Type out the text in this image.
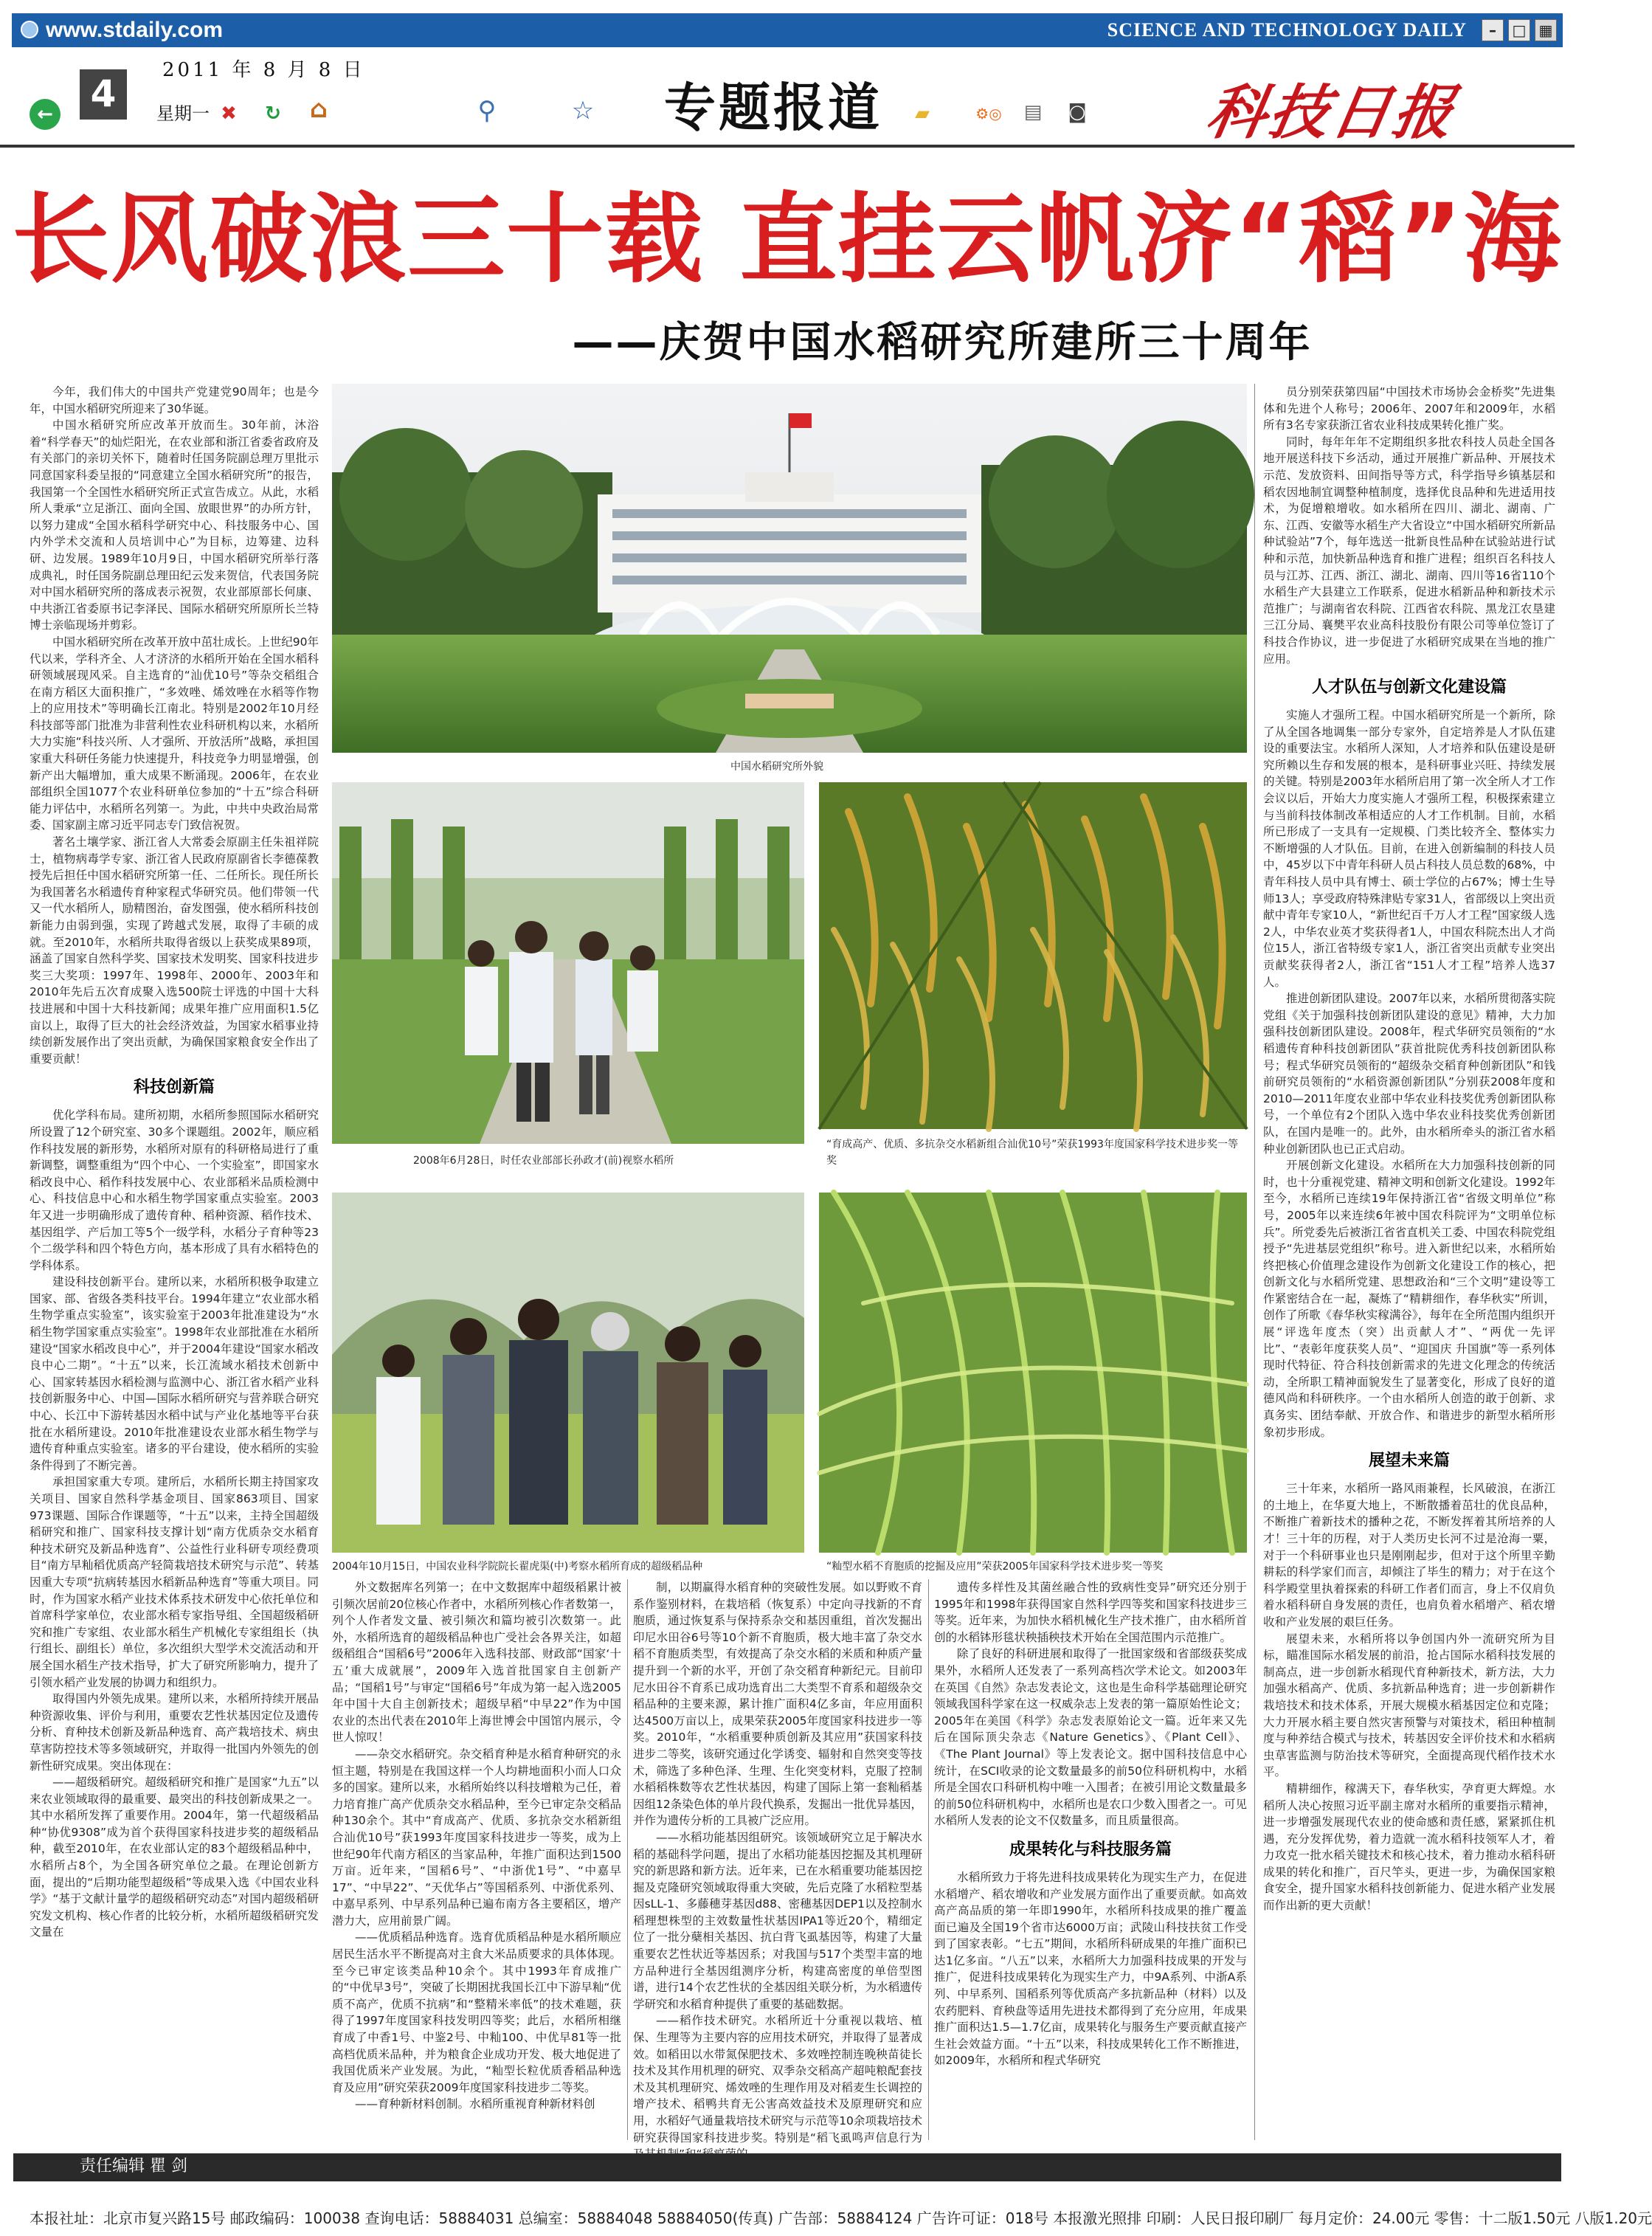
www.stdaily.com	SCIENCE AND TECHNOLOGY DAILY	–	□ ▦
2011 年 8 月 8 日
←	✖	↻ ⌂	⚲	☆	▰	⚙◎	▤ ◙
4	星期一	专题报道	科技日报
长风破浪三十载 直挂云帆济“稻”海
——庆贺中国水稻研究所建所三十周年

今年，我们伟大的中国共产党建党90周年；也是今年，中国水稻研究所迎来了30华诞。

中国水稻研究所应改革开放而生。30年前，沐浴着“科学春天”的灿烂阳光，在农业部和浙江省委省政府及有关部门的亲切关怀下，随着时任国务院副总理万里批示同意国家科委呈报的“同意建立全国水稻研究所”的报告，我国第一个全国性水稻研究所正式宣告成立。从此，水稻所人秉承“立足浙江、面向全国、放眼世界”的办所方针，以努力建成“全国水稻科学研究中心、科技服务中心、国内外学术交流和人员培训中心”为目标，边筹建、边科研、边发展。1989年10月9日，中国水稻研究所举行落成典礼，时任国务院副总理田纪云发来贺信，代表国务院对中国水稻研究所的落成表示祝贺，农业部原部长何康、中共浙江省委原书记李泽民、国际水稻研究所原所长兰特博士亲临现场并剪彩。

中国水稻研究所在改革开放中茁壮成长。上世纪90年代以来，学科齐全、人才济济的水稻所开始在全国水稻科研领域展现风采。自主选育的“汕优10号”等杂交稻组合在南方稻区大面积推广，“多效唑、烯效唑在水稻等作物上的应用技术”等明确长江南北。特别是2002年10月经科技部等部门批准为非营利性农业科研机构以来，水稻所大力实施“科技兴所、人才强所、开放活所”战略，承担国家重大科研任务能力快速提升，科技竞争力明显增强，创新产出大幅增加，重大成果不断涌现。2006年，在农业部组织全国1077个农业科研单位参加的“十五”综合科研能力评估中，水稻所名列第一。为此，中共中央政治局常委、国家副主席习近平同志专门致信祝贺。

著名土壤学家、浙江省人大常委会原副主任朱祖祥院士，植物病毒学专家、浙江省人民政府原副省长李德葆教授先后担任中国水稻研究所第一任、二任所长。现任所长为我国著名水稻遗传育种家程式华研究员。他们带领一代又一代水稻所人，励精图治，奋发图强，使水稻所科技创新能力由弱到强，实现了跨越式发展，取得了丰硕的成就。至2010年，水稻所共取得省级以上获奖成果89项，涵盖了国家自然科学奖、国家技术发明奖、国家科技进步奖三大奖项：1997年、1998年、2000年、2003年和2010年先后五次育成聚入选500院士评选的中国十大科技进展和中国十大科技新闻；成果年推广应用面积1.5亿亩以上，取得了巨大的社会经济效益，为国家水稻事业持续创新发展作出了突出贡献，为确保国家粮食安全作出了重要贡献！

科技创新篇

优化学科布局。建所初期，水稻所参照国际水稻研究所设置了12个研究室、30多个课题组。2002年，顺应稻作科技发展的新形势，水稻所对原有的科研格局进行了重新调整，调整重组为“四个中心、一个实验室”，即国家水稻改良中心、稻作科技发展中心、农业部稻米品质检测中心、科技信息中心和水稻生物学国家重点实验室。2003年又进一步明确形成了遗传育种、稻种资源、稻作技术、基因组学、产后加工等5个一级学科，水稻分子育种等23个二级学科和四个特色方向，基本形成了具有水稻特色的学科体系。

建设科技创新平台。建所以来，水稻所积极争取建立国家、部、省级各类科技平台。1994年建立“农业部水稻生物学重点实验室”，该实验室于2003年批准建设为“水稻生物学国家重点实验室”。1998年农业部批准在水稻所建设“国家水稻改良中心”，并于2004年建设“国家水稻改良中心二期”。“十五”以来，长江流域水稻技术创新中心、国家转基因水稻检测与监测中心、浙江省水稻产业科技创新服务中心、中国—国际水稻所研究与营养联合研究中心、长江中下游转基因水稻中试与产业化基地等平台获批在水稻所建设。2010年批准建设农业部水稻生物学与遗传育种重点实验室。诸多的平台建设，使水稻所的实验条件得到了不断完善。

承担国家重大专项。建所后，水稻所长期主持国家攻关项目、国家自然科学基金项目、国家863项目、国家973课题、国际合作课题等，“十五”以来，主持全国超级稻研究和推广、国家科技支撑计划“南方优质杂交水稻育种技术研究及新品种选育”、公益性行业科研专项经费项目“南方早籼稻优质高产轻简栽培技术研究与示范”、转基因重大专项“抗病转基因水稻新品种选育”等重大项目。同时，作为国家水稻产业技术体系技术研发中心依托单位和首席科学家单位，农业部水稻专家指导组、全国超级稻研究和推广专家组、农业部水稻生产机械化专家组组长（执行组长、副组长）单位，多次组织大型学术交流活动和开展全国水稻生产技术指导，扩大了研究所影响力，提升了引领水稻产业发展的协调力和组织力。

取得国内外领先成果。建所以来，水稻所持续开展品种资源收集、评价与利用，重要农艺性状基因定位及遗传分析、育种技术创新及新品种选育、高产栽培技术、病虫草害防控技术等多领域研究，并取得一批国内外领先的创新性研究成果。突出体现在：

——超级稻研究。超级稻研究和推广是国家“九五”以来农业领域取得的最重要、最突出的科技创新成果之一。其中水稻所发挥了重要作用。2004年，第一代超级稻品种“协优9308”成为首个获得国家科技进步奖的超级稻品种，截至2010年，在农业部认定的83个超级稻品种中，水稻所占8个，为全国各研究单位之最。在理论创新方面，提出的“后期功能型超级稻”等成果入选《中国农业科学》“基于文献计量学的超级稻研究动态”对国内超级稻研究发文机构、核心作者的比较分析，水稻所超级稻研究发文量在

中国水稻研究所外貌
2008年6月28日，时任农业部部长孙政才(前)视察水稻所
“育成高产、优质、多抗杂交水稻新组合汕优10号”荣获1993年度国家科学技术进步奖一等奖
2004年10月15日，中国农业科学院院长翟虎渠(中)考察水稻所育成的超级稻品种	“籼型水稻不育胞质的挖掘及应用”荣获2005年国家科学技术进步奖一等奖

外文数据库名列第一；在中文数据库中超级稻累计被引频次居前20位核心作者中，水稻所列核心作者数第一，列个人作者发文量、被引频次和篇均被引次数第一。此外，水稻所选育的超级稻品种也广受社会各界关注，如超级稻组合“国稻6号”2006年入选科技部、财政部“国家‘十五’重大成就展”，2009年入选首批国家自主创新产品；“国稻1号”与审定“国稻6号”年成为第一起入选2005年中国十大自主创新技术；超级早稻“中早22”作为中国农业的杰出代表在2010年上海世博会中国馆内展示，令世人惊叹！

——杂交水稻研究。杂交稻育种是水稻育种研究的永恒主题，特别是在我国这样一个人均耕地面积小而人口众多的国家。建所以来，水稻所始终以科技增粮为己任，着力培育推广高产优质杂交水稻品种，至今已审定杂交稻品种130余个。其中“育成高产、优质、多抗杂交水稻新组合汕优10号”获1993年度国家科技进步一等奖，成为上世纪90年代南方稻区的当家品种，年推广面积达到1500万亩。近年来，“国稻6号”、“中浙优1号”、“中嘉早17”、“中早22”、“天优华占”等国稻系列、中浙优系列、中嘉早系列、中早系列品种已遍布南方各主要稻区，增产潜力大，应用前景广阔。

——优质稻品种选育。选育优质稻品种是水稻所顺应居民生活水平不断提高对主食大米品质要求的具体体现。至今已审定该类品种10余个。其中1993年育成推广的“中优早3号”，突破了长期困扰我国长江中下游早籼“优质不高产，优质不抗病”和“整精米率低”的技术难题，获得了1997年度国家科技发明四等奖；此后，水稻所相继育成了中香1号、中鉴2号、中籼100、中优早81等一批高档优质米品种，并为粮食企业成功开发、极大地促进了我国优质米产业发展。为此，“籼型长粒优质香稻品种选育及应用”研究荣获2009年度国家科技进步二等奖。

——育种新材料创制。水稻所重视育种新材料创

制，以期赢得水稻育种的突破性发展。如以野败不育系作鉴别材料，在栽培稻（恢复系）中定向寻找新的不育胞质，通过恢复系与保持系杂交和基因重组，首次发掘出印尼水田谷6号等10个新不育胞质，极大地丰富了杂交水稻不育胞质类型，有效提高了杂交水稻的米质和种质产量提升到一个新的水平，开创了杂交稻育种新纪元。目前印尼水田谷不育系已成功选育出二大类型不育系和超级杂交稻品种的主要来源，累计推广面积4亿多亩，年应用面积达4500万亩以上，成果荣获2005年度国家科技进步一等奖。2010年，“水稻重要种质创新及其应用”获国家科技进步二等奖，该研究通过化学诱变、辐射和自然突变等技术，筛选了多种色泽、生理、生化突变材料，克服了控制水稻稻株数等农艺性状基因，构建了国际上第一套籼稻基因组12条染色体的单片段代换系，发掘出一批优异基因，并作为遗传分析的工具被广泛应用。

——水稻功能基因组研究。该领域研究立足于解决水稻的基础科学问题，提出了水稻功能基因挖掘及其机理研究的新思路和新方法。近年来，已在水稻重要功能基因挖掘及克隆研究领域取得重大突破，先后克隆了水稻粒型基因sLL-1、多藤穗芽基因d88、密穗基因DEP1以及控制水稻理想株型的主效数量性状基因IPA1等近20个，精细定位了一批分蘖相关基因、抗白背飞虱基因等，构建了大量重要农艺性状近等基因系；对我国与517个类型丰富的地方品种进行全基因组测序分析，构建高密度的单倍型图谱，进行14个农艺性状的全基因组关联分析，为水稻遗传学研究和水稻育种提供了重要的基础数据。

——稻作技术研究。水稻所近十分重视以栽培、植保、生理等为主要内容的应用技术研究，并取得了显著成效。如稻田以水带氮保肥技术、多效唑控制连晚秧苗徒长技术及其作用机理的研究、双季杂交稻高产超吨粮配套技术及其机理研究、烯效唑的生理作用及对稻麦生长调控的增产技术、稻鸭共育无公害高效益技术及原理研究和应用，水稻好气通量栽培技术研究与示范等10余项栽培技术研究获得国家科技进步奖。特别是“稻飞虱鸣声信息行为

遗传多样性及其菌丝融合性的致病性变异”研究还分别于1995年和1998年获得国家自然科学四等奖和国家科技进步三等奖。近年来，为加快水稻机械化生产技术推广，由水稻所首创的水稻钵形毯状秧插秧技术开始在全国范围内示范推广。

除了良好的科研进展和取得了一批国家级和省部级获奖成果外，水稻所人还发表了一系列高档次学术论文。如2003年在英国《自然》杂志发表论文，这也是生命科学基础理论研究领域我国科学家在这一权威杂志上发表的第一篇原始性论文；2005年在美国《科学》杂志发表原始论文一篇。近年来又先后在国际顶尖杂志《Nature Genetics》、《Plant Cell》、《The Plant Journal》等上发表论文。据中国科技信息中心统计，在SCI收录的论文数量最多的前50位科研机构中，水稻所是全国农口科研机构中唯一入围者；在被引用论文数量最多的前50位科研机构中，水稻所也是农口少数入围者之一。可见水稻所人发表的论文不仅数量多，而且质量很高。

成果转化与科技服务篇

水稻所致力于将先进科技成果转化为现实生产力，在促进水稻增产、稻农增收和产业发展方面作出了重要贡献。如高效高产高品质的第一年即1990年，水稻所科技成果的推广覆盖面已遍及全国19个省市达6000万亩；武陵山科技扶贫工作受到了国家表彰。“七五”期间，水稻所科研成果的年推广面积已达1亿多亩。“八五”以来，水稻所大力加强科技成果的开发与推广，促进科技成果转化为现实生产力，中9A系列、中浙A系列、中早系列、国稻系列等优质高产多抗新品种（材料）以及农药肥料、育秧盘等适用先进技术都得到了充分应用，年成果推广面积达1.5—1.7亿亩，成果转化与服务生产要贡献直接产生社会效益方面。“十五”以来，科技成果转化工作不断推进，如2009年，水稻所和程式华研究

员分别荣获第四届“中国技术市场协会金桥奖”先进集体和先进个人称号；2006年、2007年和2009年，水稻所有3名专家获浙江省农业科技成果转化推广奖。

同时，每年年年不定期组织多批农科技人员赴全国各地开展送科技下乡活动，通过开展推广新品种、开展技术示范、发放资料、田间指导等方式，科学指导乡镇基层和稻农因地制宜调整种植制度，选择优良品种和先进适用技术，为促增粮增收。如水稻所在四川、湖北、湖南、广东、江西、安徽等水稻生产大省设立“中国水稻研究所新品种试验站”7个，每年选送一批新良性品种在试验站进行试种和示范，加快新品种选育和推广进程；组织百名科技人员与江苏、江西、浙江、湖北、湖南、四川等16省110个水稻生产大县建立工作联系，促进水稻新品种和新技术示范推广；与湖南省农科院、江西省农科院、黑龙江农垦建三江分局、襄樊平农业高科技股份有限公司等单位签订了科技合作协议，进一步促进了水稻研究成果在当地的推广应用。

人才队伍与创新文化建设篇

实施人才强所工程。中国水稻研究所是一个新所，除了从全国各地调集一部分专家外，自定培养是人才队伍建设的重要法宝。水稻所人深知，人才培养和队伍建设是研究所赖以生存和发展的根本，是科研事业兴旺、持续发展的关键。特别是2003年水稻所启用了第一次全所人才工作会议以后，开始大力度实施人才强所工程，积极探索建立与当前科技体制改革相适应的人才工作机制。目前，水稻所已形成了一支具有一定规模、门类比较齐全、整体实力不断增强的人才队伍。目前，在进入创新编制的科技人员中，45岁以下中青年科研人员占科技人员总数的68%，中青年科技人员中具有博士、硕士学位的占67%；博士生导师13人；享受政府特殊津贴专家31人，省部级以上突出贡献中青年专家10人，“新世纪百千万人才工程”国家级人选2人，中华农业英才奖获得者1人，中国农科院杰出人才尚位15人，浙江省特级专家1人，浙江省突出贡献专业突出贡献奖获得者2人，浙江省“151人才工程”培养人选37人。

推进创新团队建设。2007年以来，水稻所贯彻落实院党组《关于加强科技创新团队建设的意见》精神，大力加强科技创新团队建设。2008年，程式华研究员领衔的“水稻遗传育种科技创新团队”获首批院优秀科技创新团队称号；程式华研究员领衔的“超级杂交稻育种创新团队”和钱前研究员领衔的“水稻资源创新团队”分别获2008年度和2010—2011年度农业部中华农业科技奖优秀创新团队称号，一个单位有2个团队入选中华农业科技奖优秀创新团队，在国内是唯一的。此外，由水稻所牵头的浙江省水稻种业创新团队也已正式启动。

开展创新文化建设。水稻所在大力加强科技创新的同时，也十分重视党建、精神文明和创新文化建设。1992年至今，水稻所已连续19年保持浙江省“省级文明单位”称号，2005年以来连续6年被中国农科院评为“文明单位标兵”。所党委先后被浙江省省直机关工委、中国农科院党组授予“先进基层党组织”称号。进入新世纪以来，水稻所始终把核心价值理念建设作为创新文化建设工作的核心，把创新文化与水稻所党建、思想政治和“三个文明”建设等工作紧密结合在一起，凝炼了“精耕细作，春华秋实”所训，创作了所歌《春华秋实稼满谷》，每年在全所范围内组织开展“评选年度杰（突）出贡献人才”、“两优一先评比”、“表彰年度获奖人员”、“迎国庆 升国旗”等一系列体现时代特征、符合科技创新需求的先进文化理念的传统活动，全所职工精神面貌发生了显著变化，形成了良好的道德风尚和科研秩序。一个由水稻所人创造的敢于创新、求真务实、团结奉献、开放合作、和谐进步的新型水稻所形象初步形成。

展望未来篇

三十年来，水稻所一路风雨兼程，长风破浪，在浙江的土地上，在华夏大地上，不断散播着茁壮的优良品种，不断推广着新技术的播种之花，不断发挥着其所培养的人才！三十年的历程，对于人类历史长河不过是沧海一粟，对于一个科研事业也只是刚刚起步，但对于这个所里辛勤耕耘的科学家们而言，却倾注了毕生的精力；对于在这个科学殿堂里执着探索的科研工作者们而言，身上不仅肩负着水稻科研自身发展的责任，也肩负着水稻增产、稻农增收和产业发展的艰巨任务。

展望未来，水稻所将以争创国内外一流研究所为目标，瞄准国际水稻发展的前沿，抢占国际水稻科技发展的制高点，进一步创新水稻现代育种新技术，新方法，大力加强水稻高产、优质、多抗新品种选育；进一步创新耕作栽培技术和技术体系，开展大规模水稻基因定位和克隆；大力开展水稻主要自然灾害预警与对策技术，稻田种植制度与种养结合模式与技术，转基因安全评价技术和水稻病虫草害监测与防治技术等研究，全面提高现代稻作技术水平。

精耕细作，稼满天下，春华秋实，孕育更大辉煌。水稻所人决心按照习近平副主席对水稻所的重要指示精神，进一步增强发展现代农业的使命感和责任感，紧紧抓住机遇，充分发挥优势，着力造就一流水稻科技领军人才，着力攻克一批水稻关键技术和核心技术，着力推动水稻科研成果的转化和推广，百尺竿头，更进一步，为确保国家粮食安全，提升国家水稻科技创新能力、促进水稻产业发展而作出新的更大贡献！

责任编辑 瞿 剑
本报社址：北京市复兴路15号 邮政编码：100038 查询电话：58884031 总编室：58884048 58884050(传真) 广告部：58884124 广告许可证：018号 本报激光照排 印刷：人民日报印刷厂 每月定价：24.00元 零售：十二版1.50元 八版1.20元
